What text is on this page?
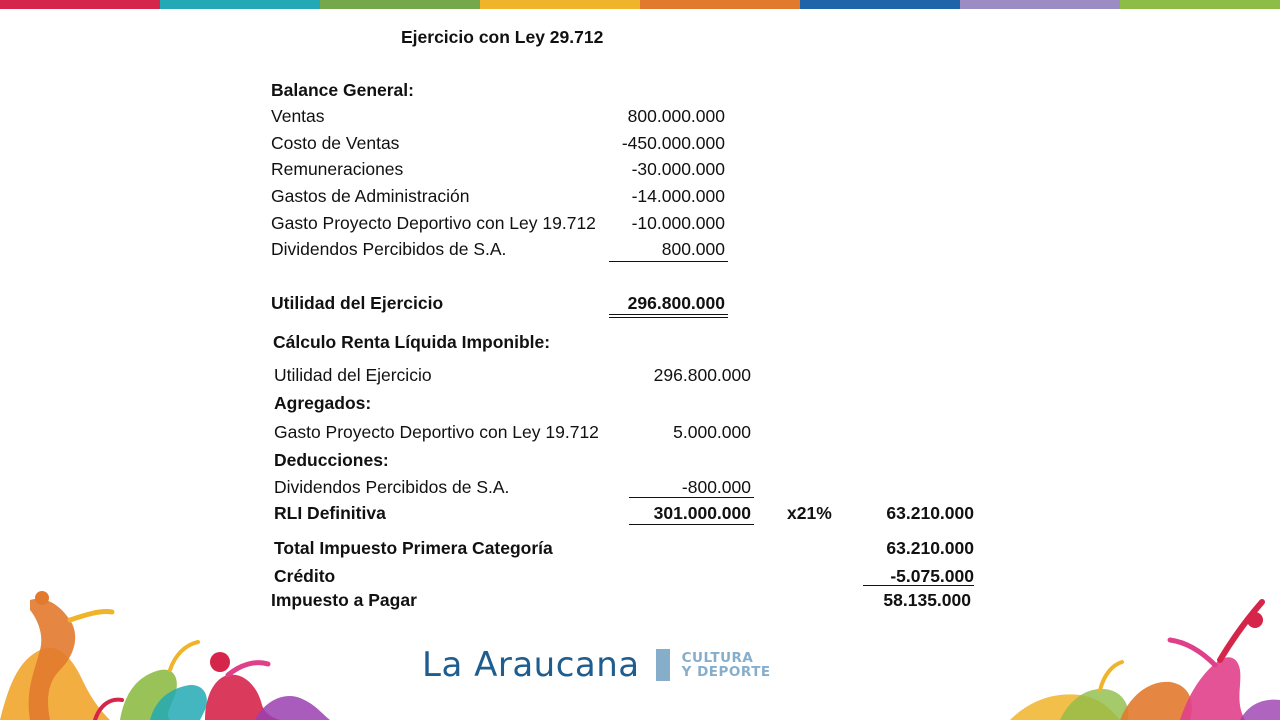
Ejercicio con Ley 29.712
Balance General:
Ventas	800.000.000
Costo de Ventas	-450.000.000
Remuneraciones	-30.000.000
Gastos de Administración	-14.000.000
Gasto Proyecto Deportivo con Ley 19.712	-10.000.000
Dividendos Percibidos de S.A.	800.000
Utilidad del Ejercicio	296.800.000
Cálculo Renta Líquida Imponible:
Utilidad del Ejercicio	296.800.000
Agregados:
Gasto Proyecto Deportivo con Ley 19.712	5.000.000
Deducciones:
Dividendos Percibidos de S.A.	-800.000
RLI Definitiva	301.000.000 x21%	63.210.000
Total Impuesto Primera Categoría	63.210.000
Crédito	-5.075.000
Impuesto a Pagar	58.135.000
La Araucana	CULTURA
Y DEPORTE
